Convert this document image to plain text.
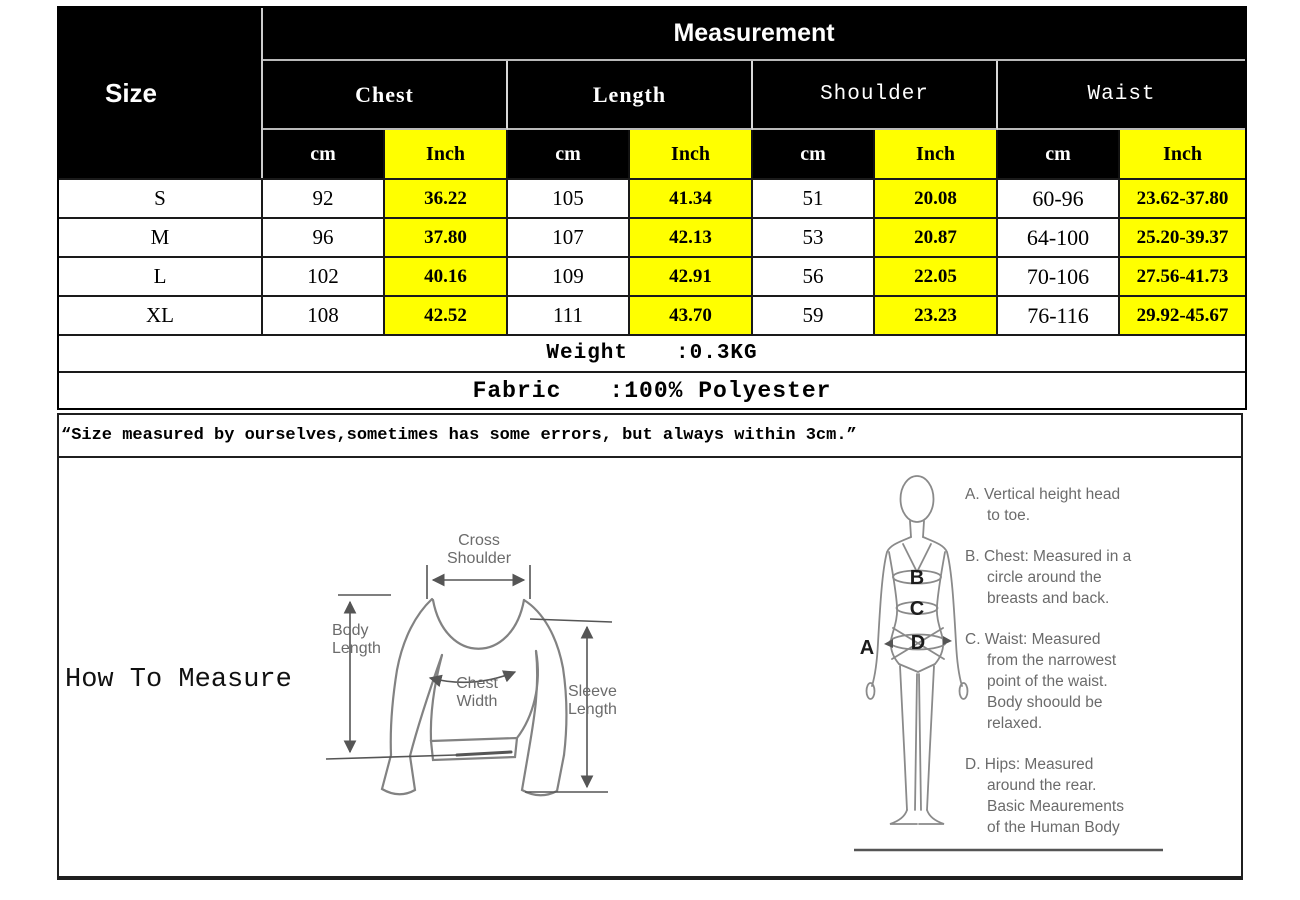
Size	Measurement							
	Chest		Length		Shoulder		Waist	
	cm	Inch	cm	Inch	cm	Inch	cm	Inch
S	92	36.22	105	41.34	51	20.08	60-96	23.62-37.80
M	96	37.80	107	42.13	53	20.87	64-100	25.20-39.37
L	102	40.16	109	42.91	56	22.05	70-106	27.56-41.73
XL	108	42.52	111	43.70	59	23.23	76-116	29.92-45.67
Weight :0.3KG								
Fabric :100% Polyester								
“Size measured by ourselves,sometimes has some errors, but always within 3cm.”
A
B
C
D
How To Measure
Cross
Shoulder
Body
Length
Chest
Width
Sleeve
Length
A. Vertical height head
to toe.
B. Chest: Measured in a
circle around the
breasts and back.
C. Waist: Measured
from the narrowest
point of the waist.
Body shoould be
relaxed.
D. Hips: Measured
around the rear.
Basic Meaurements
of the Human Body
